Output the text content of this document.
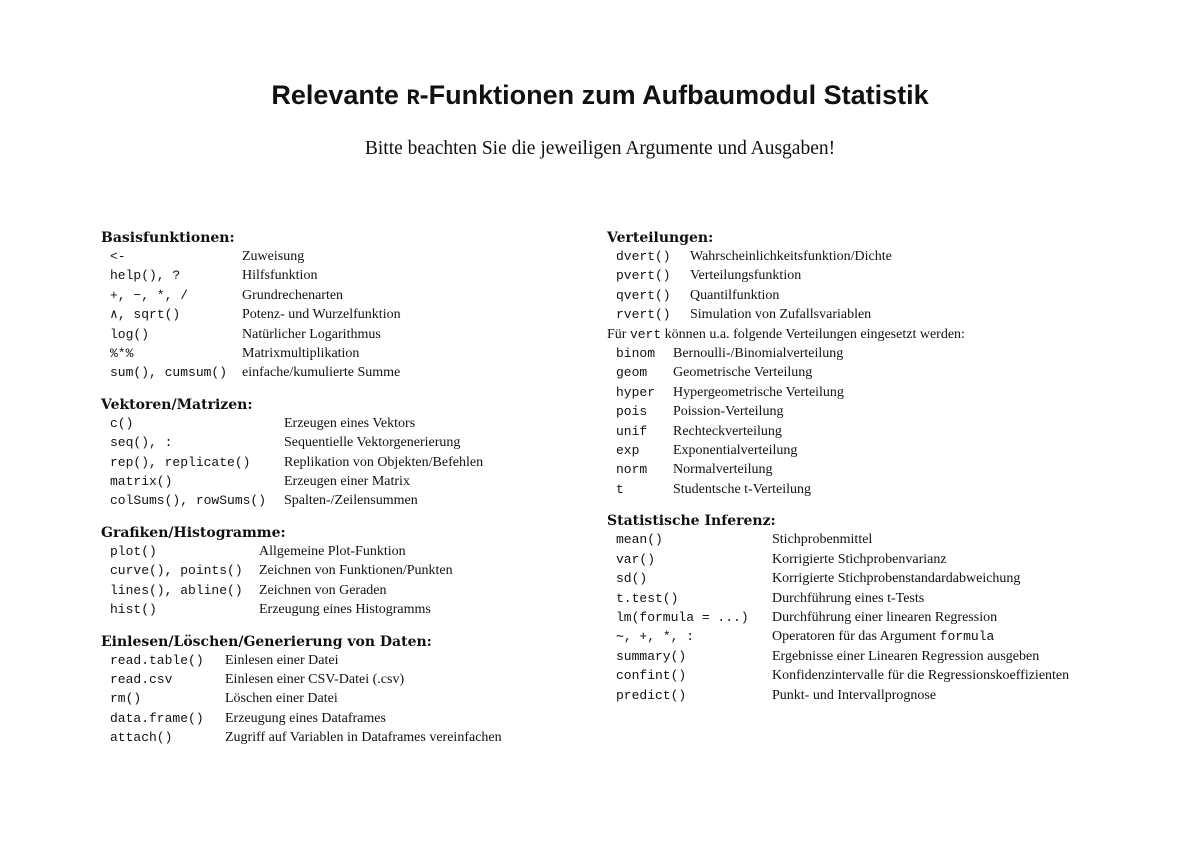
Relevante R-Funktionen zum Aufbaumodul Statistik

Bitte beachten Sie die jeweiligen Argumente und Ausgaben!

Basisfunktionen:
<-	Zuweisung
help(), ?	Hilfsfunktion
+, −, *, /	Grundrechenarten
∧, sqrt()	Potenz- und Wurzelfunktion
log()	Natürlicher Logarithmus
%*%	Matrixmultiplikation
sum(), cumsum()	einfache/kumulierte Summe
Vektoren/Matrizen:
c()	Erzeugen eines Vektors
seq(), :	Sequentielle Vektorgenerierung
rep(), replicate()	Replikation von Objekten/Befehlen
matrix()	Erzeugen einer Matrix
colSums(), rowSums()	Spalten-/Zeilensummen
Grafiken/Histogramme:
plot()	Allgemeine Plot-Funktion
curve(), points()	Zeichnen von Funktionen/Punkten
lines(), abline()	Zeichnen von Geraden
hist()	Erzeugung eines Histogramms
Einlesen/Löschen/Generierung von Daten:
read.table()	Einlesen einer Datei
read.csv	Einlesen einer CSV-Datei (.csv)
rm()	Löschen einer Datei
data.frame()	Erzeugung eines Dataframes
attach()	Zugriff auf Variablen in Dataframes vereinfachen
Verteilungen:
dvert()	Wahrscheinlichkeitsfunktion/Dichte
pvert()	Verteilungsfunktion
qvert()	Quantilfunktion
rvert()	Simulation von Zufallsvariablen
Für vert können u.a. folgende Verteilungen eingesetzt werden:
binom	Bernoulli-/Binomialverteilung
geom	Geometrische Verteilung
hyper	Hypergeometrische Verteilung
pois	Poission-Verteilung
unif	Rechteckverteilung
exp	Exponentialverteilung
norm	Normalverteilung
t	Studentsche t-Verteilung
Statistische Inferenz:
mean()	Stichprobenmittel
var()	Korrigierte Stichprobenvarianz
sd()	Korrigierte Stichprobenstandardabweichung
t.test()	Durchführung eines t-Tests
lm(formula = ...)	Durchführung einer linearen Regression
∼, +, *, :	Operatoren für das Argument formula
summary()	Ergebnisse einer Linearen Regression ausgeben
confint()	Konfidenzintervalle für die Regressionskoeffizienten
predict()	Punkt- und Intervallprognose
